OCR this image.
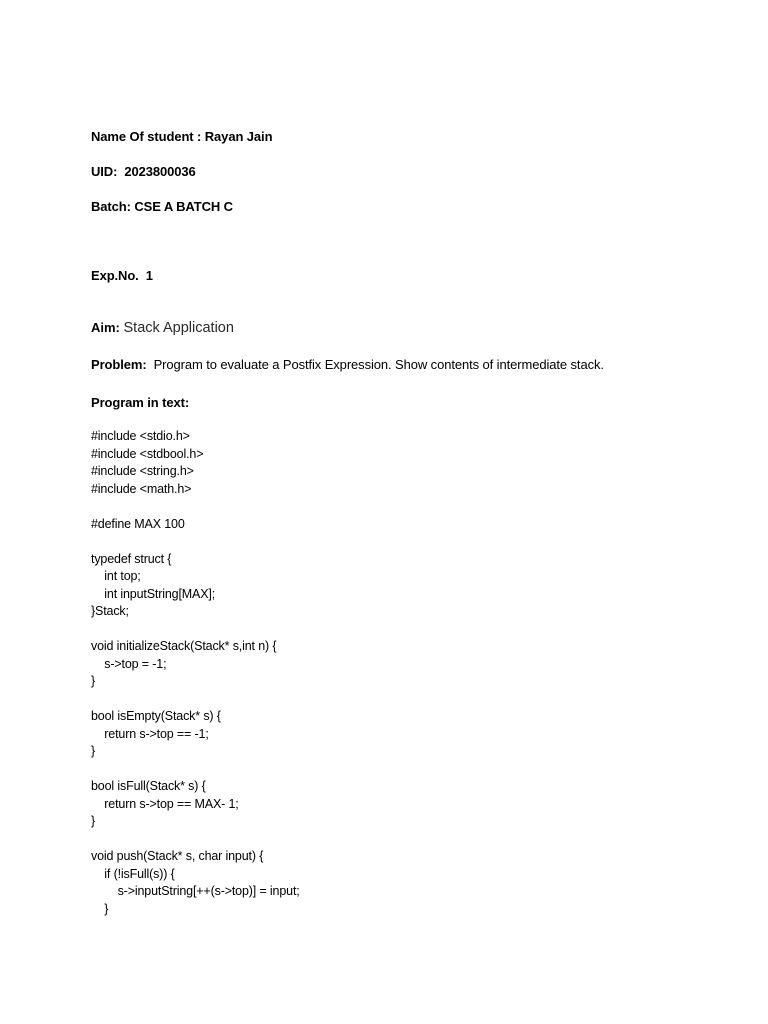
Name Of student : Rayan Jain
UID:  2023800036
Batch: CSE A BATCH C
Exp.No.  1
Aim: Stack Application
Problem:  Program to evaluate a Postfix Expression. Show contents of intermediate stack.
Program in text:
#include <stdio.h>
#include <stdbool.h>
#include <string.h>
#include <math.h>
#define MAX 100
typedef struct {
int top;
int inputString[MAX];
}Stack;
void initializeStack(Stack* s,int n) {
s->top = -1;
}
bool isEmpty(Stack* s) {
return s->top == -1;
}
bool isFull(Stack* s) {
return s->top == MAX- 1;
}
void push(Stack* s, char input) {
if (!isFull(s)) {
s->inputString[++(s->top)] = input;
}
